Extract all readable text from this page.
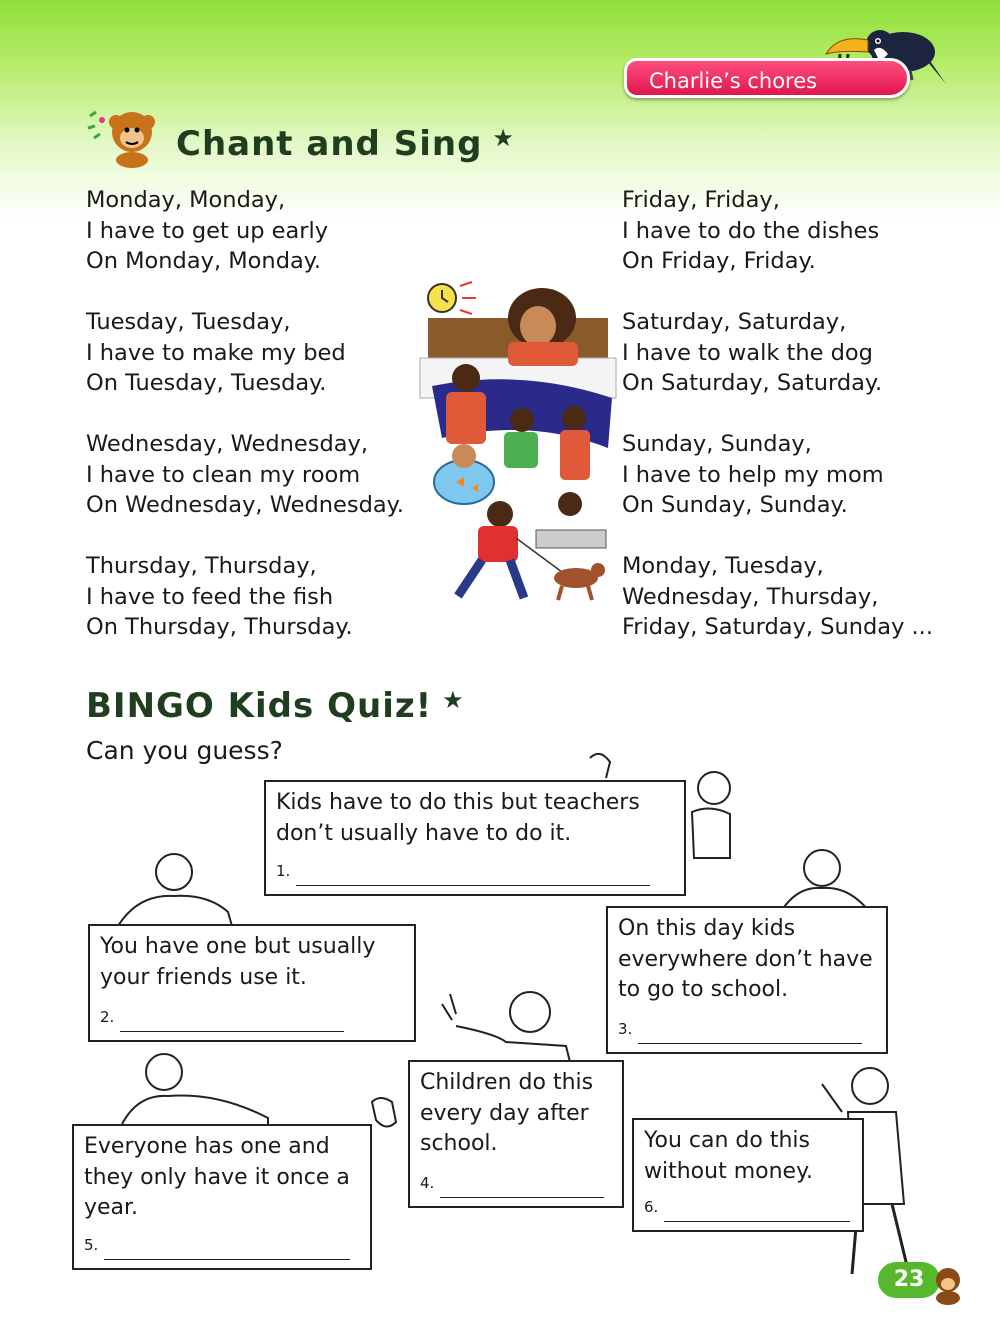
Charlie’s chores
Chant and Sing ★
Monday, Monday,
I have to get up early
On Monday, Monday.
Tuesday, Tuesday,
I have to make my bed
On Tuesday, Tuesday.
Wednesday, Wednesday,
I have to clean my room
On Wednesday, Wednesday.
Thursday, Thursday,
I have to feed the fish
On Thursday, Thursday.
Friday, Friday,
I have to do the dishes
On Friday, Friday.
Saturday, Saturday,
I have to walk the dog
On Saturday, Saturday.
Sunday, Sunday,
I have to help my mom
On Sunday, Sunday.
Monday, Tuesday,
Wednesday, Thursday,
Friday, Saturday, Sunday ...
BINGO Kids Quiz! ★
Can you guess?
Kids have to do this but teachers don’t usually have to do it.
1.
You have one but usually your friends use it.
2.
On this day kids everywhere don’t have to go to school.
3.
Children do this every day after school.
4.
Everyone has one and they only have it once a year.
5.
You can do this without money.
6.
23
